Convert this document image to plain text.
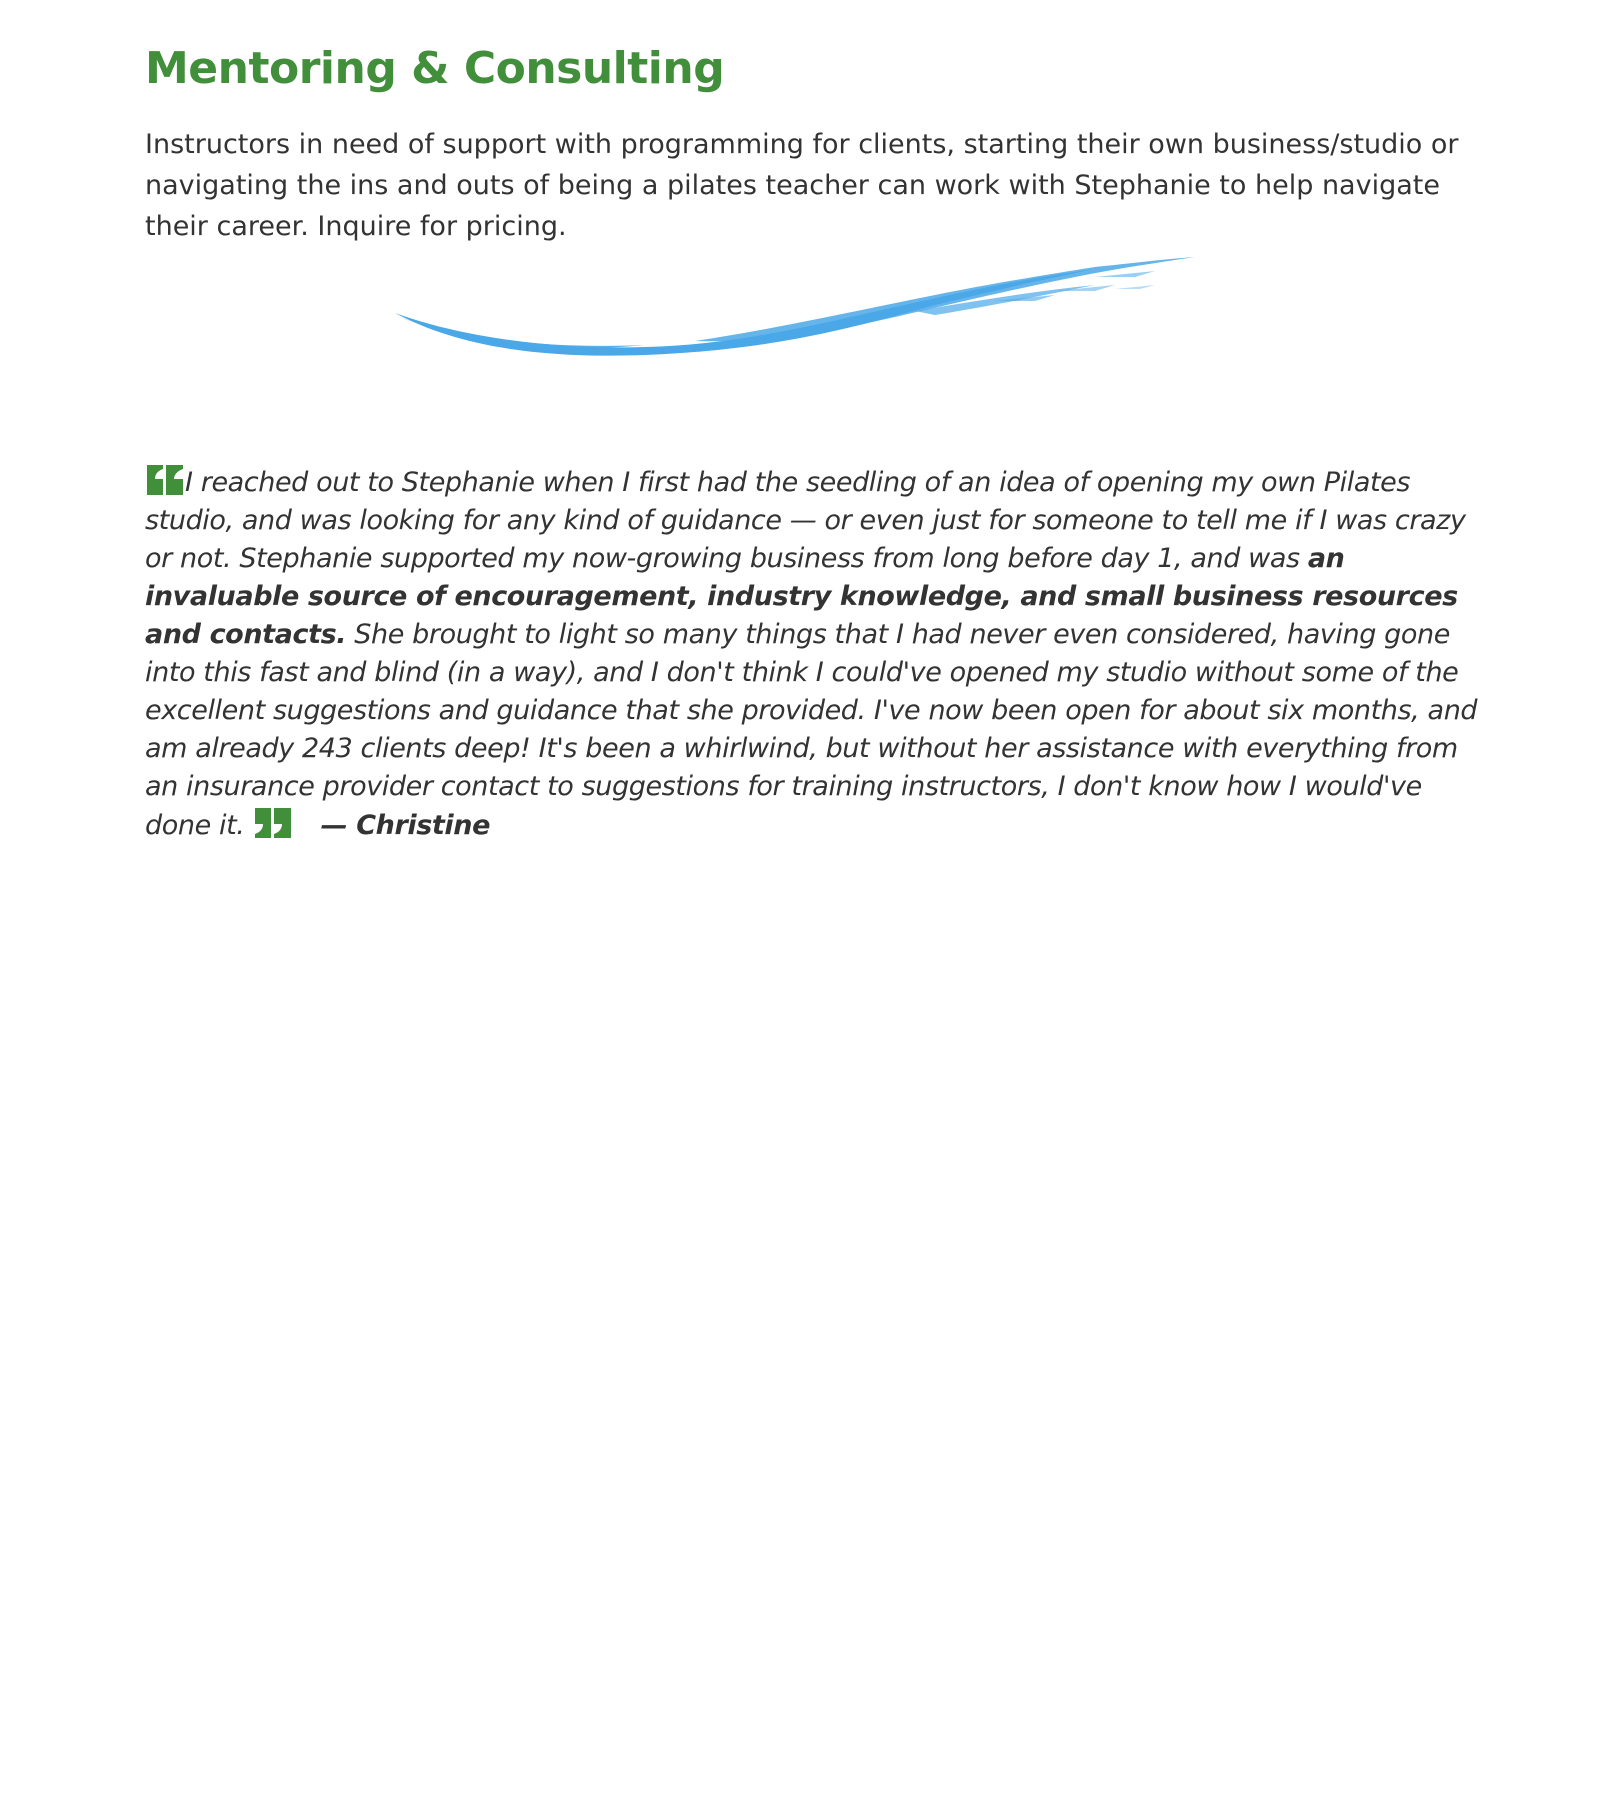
Mentoring & Consulting

Instructors in need of support with programming for clients, starting their own business/studio or navigating the ins and outs of being a pilates teacher can work with Stephanie to help navigate their career. Inquire for pricing.

I reached out to Stephanie when I first had the seedling of an idea of opening my own Pilates studio, and was looking for any kind of guidance — or even just for someone to tell me if I was crazy or not. Stephanie supported my now-growing business from long before day 1, and was an invaluable source of encouragement, industry knowledge, and small business resources and contacts. She brought to light so many things that I had never even considered, having gone into this fast and blind (in a way), and I don't think I could've opened my studio without some of the excellent suggestions and guidance that she provided. I've now been open for about six months, and am already 243 clients deep! It's been a whirlwind, but without her assistance with everything from an insurance provider contact to suggestions for training instructors, I don't know how I would've done it.	— Christine
